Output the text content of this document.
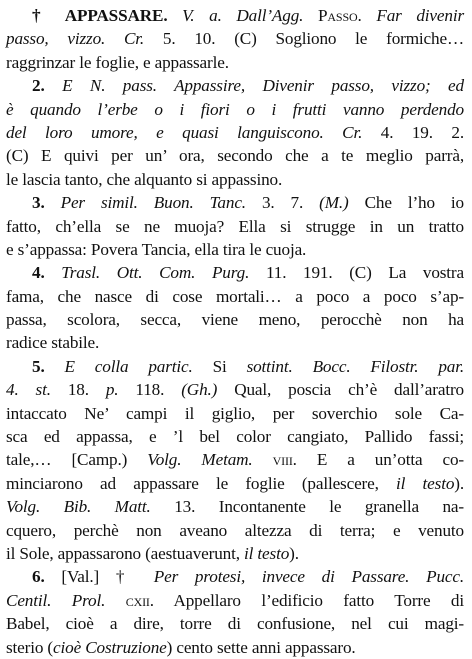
† APPASSARE. V. a. Dall’Agg. Passo. Far divenir
passo, vizzo. Cr. 5. 10. (C) Sogliono le formiche…
raggrinzar le foglie, e appassarle.
2. E N. pass. Appassire, Divenir passo, vizzo; ed
è quando l’erbe o i fiori o i frutti vanno perdendo
del loro umore, e quasi languiscono. Cr. 4. 19. 2.
(C) E quivi per un’ ora, secondo che a te meglio parrà,
le lascia tanto, che alquanto si appassino.
3. Per simil. Buon. Tanc. 3. 7. (M.) Che l’ho io
fatto, ch’ella se ne muoja? Ella si strugge in un tratto
e s’appassa: Povera Tancia, ella tira le cuoja.
4. Trasl. Ott. Com. Purg. 11. 191. (C) La vostra
fama, che nasce di cose mortali… a poco a poco s’ap-
passa, scolora, secca, viene meno, perocchè non ha
radice stabile.
5. E colla partic. Si sottint. Bocc. Filostr. par.
4. st. 18. p. 118. (Gh.) Qual, poscia ch’è dall’aratro
intaccato Ne’ campi il giglio, per soverchio sole Ca-
sca ed appassa, e ’l bel color cangiato, Pallido fassi;
tale,… [Camp.) Volg. Metam. viii. E a un’otta co-
minciarono ad appassare le foglie (pallescere, il testo).
Volg. Bib. Matt. 13. Incontanente le granella na-
cquero, perchè non aveano altezza di terra; e venuto
il Sole, appassarono (aestuaverunt, il testo).
6. [Val.] † Per protesi, invece di Passare. Pucc.
Centil. Prol. cxii. Appellaro l’edificio fatto Torre di
Babel, cioè a dire, torre di confusione, nel cui magi-
sterio (cioè Costruzione) cento sette anni appassaro.
